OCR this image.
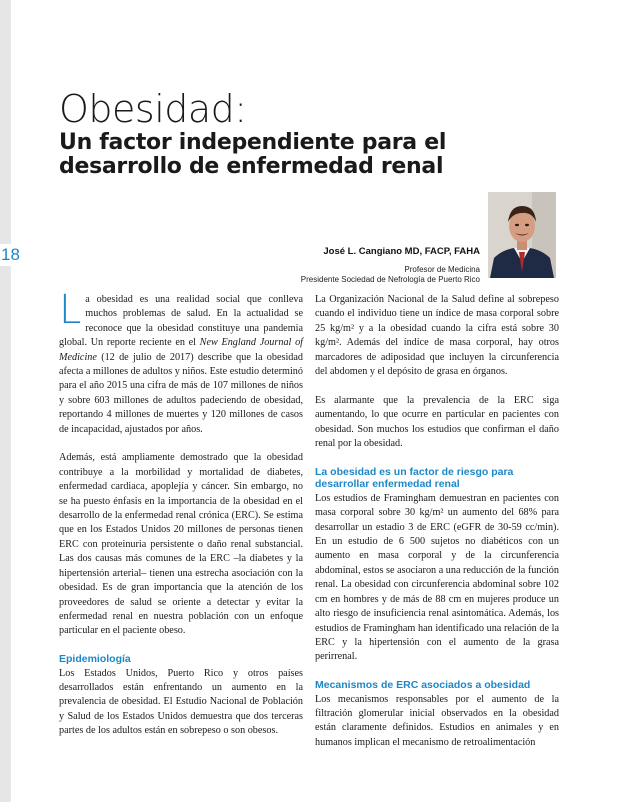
18
Obesidad:
Un factor independiente para el desarrollo de enfermedad renal
José L. Cangiano MD, FACP, FAHA
Profesor de Medicina
Presidente Sociedad de Nefrología de Puerto Rico

La obesidad es una realidad social que conlleva muchos problemas de salud. En la actualidad se reconoce que la obesidad constituye una pandemia global. Un reporte reciente en el New England Journal of Medicine (12 de julio de 2017) describe que la obesidad afecta a millones de adultos y niños. Este estudio determinó para el año 2015 una cifra de más de 107 millones de niños y sobre 603 millones de adultos padeciendo de obesidad, reportando 4 millones de muertes y 120 millones de casos de incapacidad, ajustados por años.

Además, está ampliamente demostrado que la obesidad contribuye a la morbilidad y mortalidad de diabetes, enfermedad cardiaca, apoplejía y cáncer. Sin embargo, no se ha puesto énfasis en la importancia de la obesidad en el desarrollo de la enfermedad renal crónica (ERC). Se estima que en los Estados Unidos 20 millones de personas tienen ERC con proteinuria persistente o daño renal substancial. Las dos causas más comunes de la ERC –la diabetes y la hipertensión arterial– tienen una estrecha asociación con la obesidad. Es de gran importancia que la atención de los proveedores de salud se oriente a detectar y evitar la enfermedad renal en nuestra población con un enfoque particular en el paciente obeso.

Epidemiología

Los Estados Unidos, Puerto Rico y otros países desarrollados están enfrentando un aumento en la prevalencia de obesidad. El Estudio Nacional de Población y Salud de los Estados Unidos demuestra que dos terceras partes de los adultos están en sobrepeso o son obesos.

La Organización Nacional de la Salud define al sobrepeso cuando el individuo tiene un índice de masa corporal sobre 25 kg/m² y a la obesidad cuando la cifra está sobre 30 kg/m². Además del índice de masa corporal, hay otros marcadores de adiposidad que incluyen la circunferencia del abdomen y el depósito de grasa en órganos.

Es alarmante que la prevalencia de la ERC siga aumentando, lo que ocurre en particular en pacientes con obesidad. Son muchos los estudios que confirman el daño renal por la obesidad.

La obesidad es un factor de riesgo para desarrollar enfermedad renal

Los estudios de Framingham demuestran en pacientes con masa corporal sobre 30 kg/m² un aumento del 68% para desarrollar un estadio 3 de ERC (eGFR de 30-59 cc/min). En un estudio de 6 500 sujetos no diabéticos con un aumento en masa corporal y de la circunferencia abdominal, estos se asociaron a una reducción de la función renal. La obesidad con circunferencia abdominal sobre 102 cm en hombres y de más de 88 cm en mujeres produce un alto riesgo de insuficiencia renal asintomática. Además, los estudios de Framingham han identificado una relación de la ERC y la hipertensión con el aumento de la grasa perirrenal.

Mecanismos de ERC asociados a obesidad

Los mecanismos responsables por el aumento de la filtración glomerular inicial observados en la obesidad están claramente definidos. Estudios en animales y en humanos implican el mecanismo de retroalimentación
